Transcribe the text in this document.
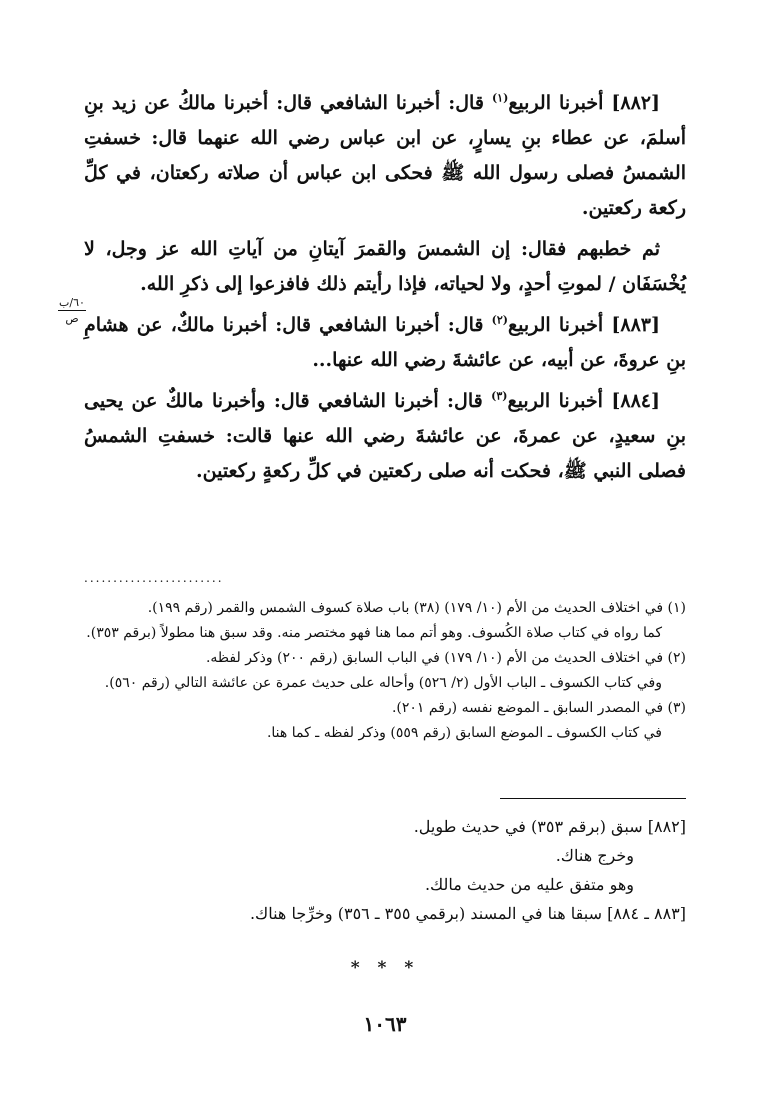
[٨٨٢] أخبرنا الربيع$^{(١)}$ قال: أخبرنا الشافعي قال: أخبرنا مالكُ عن زيد بنِ أسلمَ، عن عطاء بنِ يسارٍ، عن ابن عباس رضي الله عنهما قال: خسفتِ الشمسُ فصلى رسول الله ﷺ فحكى ابن عباس أن صلاته ركعتان، في كلِّ ركعة ركعتين.

ثم خطبهم فقال: إن الشمسَ والقمرَ آيتانِ من آياتِ الله عز وجل، لا يُخْسَفَان / لموتِ أحدٍ، ولا لحياته، فإذا رأيتم ذلك فافزعوا إلى ذكرِ الله.

[٨٨٣] أخبرنا الربيع$^{(٢)}$ قال: أخبرنا الشافعي قال: أخبرنا مالكٌ، عن هشامِ بنِ عروةَ، عن أبيه، عن عائشةَ رضي الله عنها...

[٨٨٤] أخبرنا الربيع$^{(٣)}$ قال: أخبرنا الشافعي قال: وأخبرنا مالكٌ عن يحيى بنِ سعيدٍ، عن عمرةَ، عن عائشةَ رضي الله عنها قالت: خسفتِ الشمسُ فصلى النبي ﷺ، فحكت أنه صلى ركعتين في كلِّ ركعةٍ ركعتين.

٦٠/ب
ص
........................

(١) في اختلاف الحديث من الأم (١٠/ ١٧٩) (٣٨) باب صلاة كسوف الشمس والقمر (رقم ١٩٩).

كما رواه في كتاب صلاة الكُسوف. وهو أتم مما هنا فهو مختصر منه. وقد سبق هنا مطولاً (برقم ٣٥٣).

(٢) في اختلاف الحديث من الأم (١٠/ ١٧٩) في الباب السابق (رقم ٢٠٠) وذكر لفظه.

وفي كتاب الكسوف ـ الباب الأول (٢/ ٥٢٦) وأحاله على حديث عمرة عن عائشة التالي (رقم ٥٦٠).

(٣) في المصدر السابق ـ الموضع نفسه (رقم ٢٠١).

في كتاب الكسوف ـ الموضع السابق (رقم ٥٥٩) وذكر لفظه ـ كما هنا.

[٨٨٢] سبق (برقم ٣٥٣) في حديث طويل.

وخرج هناك.

وهو متفق عليه من حديث مالك.

[٨٨٣ ـ ٨٨٤] سبقا هنا في المسند (برقمي ٣٥٥ ـ ٣٥٦) وخرِّجا هناك.

* * *
١٠٦٣
